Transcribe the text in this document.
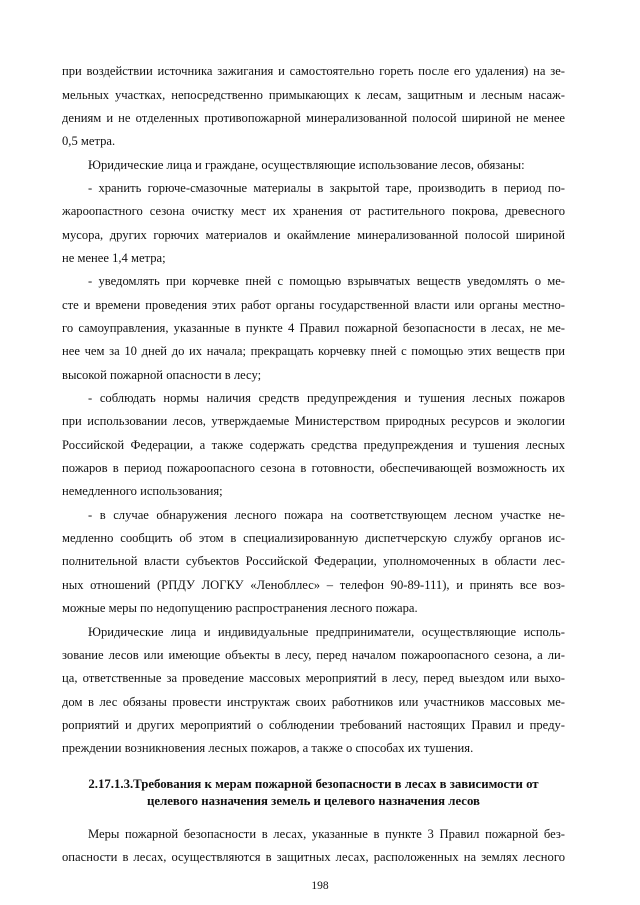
при воздействии источника зажигания и самостоятельно гореть после его удаления) на зе-
мельных участках, непосредственно примыкающих к лесам, защитным и лесным насаж-
дениям и не отделенных противопожарной минерализованной полосой шириной не менее
0,5 метра.
Юридические лица и граждане, осуществляющие использование лесов, обязаны:
- хранить горюче-смазочные материалы в закрытой таре, производить в период по-
жароопастного сезона очистку мест их хранения от растительного покрова, древесного
мусора, других горючих материалов и окаймление минерализованной полосой шириной
не менее 1,4 метра;
- уведомлять при корчевке пней с помощью взрывчатых веществ уведомлять о ме-
сте и времени проведения этих работ органы государственной власти или органы местно-
го самоуправления, указанные в пункте 4 Правил пожарной безопасности в лесах, не ме-
нее чем за 10 дней до их начала; прекращать корчевку пней с помощью этих веществ при
высокой пожарной опасности в лесу;
- соблюдать нормы наличия средств предупреждения и тушения лесных пожаров
при использовании лесов, утверждаемые Министерством природных ресурсов и экологии
Российской Федерации, а также содержать средства предупреждения и тушения лесных
пожаров в период пожароопасного сезона в готовности, обеспечивающей возможность их
немедленного использования;
- в случае обнаружения лесного пожара на соответствующем лесном участке не-
медленно сообщить об этом в специализированную диспетчерскую службу органов ис-
полнительной власти субъектов Российской Федерации, уполномоченных в области лес-
ных отношений (РПДУ ЛОГКУ «Ленобллес» – телефон 90-89-111), и принять все воз-
можные меры по недопущению распространения лесного пожара.
Юридические лица и индивидуальные предприниматели, осуществляющие исполь-
зование лесов или имеющие объекты в лесу, перед началом пожароопасного сезона, а ли-
ца, ответственные за проведение массовых мероприятий в лесу, перед выездом или выхо-
дом в лес обязаны провести инструктаж своих работников или участников массовых ме-
роприятий и других мероприятий о соблюдении требований настоящих Правил и преду-
преждении возникновения лесных пожаров, а также о способах их тушения.
2.17.1.3.Требования к мерам пожарной безопасности в лесах в зависимости от
целевого назначения земель и целевого назначения лесов
Меры пожарной безопасности в лесах, указанные в пункте 3 Правил пожарной без-
опасности в лесах, осуществляются в защитных лесах, расположенных на землях лесного
198
